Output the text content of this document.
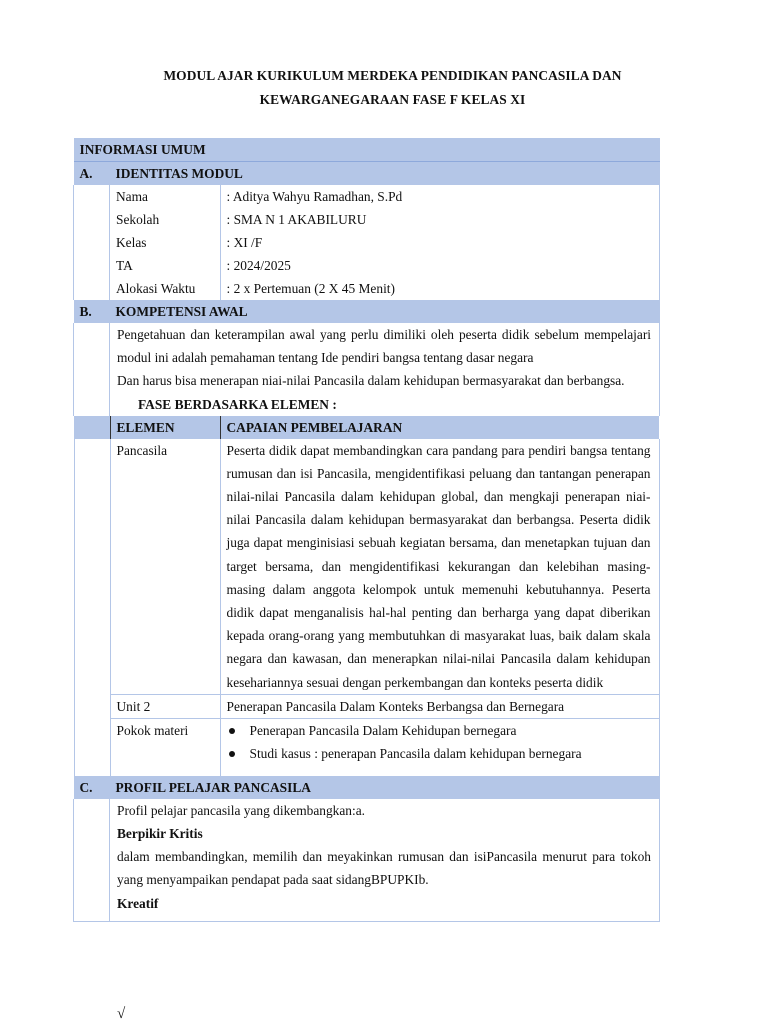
MODUL AJAR KURIKULUM MERDEKA PENDIDIKAN PANCASILA DAN
KEWARGANEGARAAN FASE F KELAS XI
INFORMASI UMUM
A.	IDENTITAS MODUL

Nama	: Aditya Wahyu Ramadhan, S.Pd
Sekolah	: SMA N 1 AKABILURU
Kelas	: XI /F
TA	: 2024/2025
Alokasi Waktu	: 2 x Pertemuan (2 X 45 Menit)

B.	KOMPETENSI AWAL

Pengetahuan dan keterampilan awal yang perlu dimiliki oleh peserta didik sebelum mempelajari modul ini adalah pemahaman tentang Ide pendiri bangsa tentang dasar negara
Dan harus bisa menerapan niai-nilai Pancasila dalam kehidupan bermasyarakat dan berbangsa.
FASE BERDASARKA ELEMEN :

	ELEMEN	CAPAIAN PEMBELAJARAN
	Pancasila	Peserta didik dapat membandingkan cara pandang para pendiri bangsa tentang rumusan dan isi Pancasila, mengidentifikasi peluang dan tantangan penerapan nilai-nilai Pancasila dalam kehidupan global, dan mengkaji penerapan niai-nilai Pancasila dalam kehidupan bermasyarakat dan berbangsa. Peserta didik juga dapat menginisiasi sebuah kegiatan bersama, dan menetapkan tujuan dan target bersama, dan mengidentifikasi kekurangan dan kelebihan masing-masing dalam anggota kelompok untuk memenuhi kebutuhannya. Peserta didik dapat menganalisis hal-hal penting dan berharga yang dapat diberikan kepada orang-orang yang membutuhkan di masyarakat luas, baik dalam skala negara dan kawasan, dan menerapkan nilai-nilai Pancasila dalam kehidupan kesehariannya sesuai dengan perkembangan dan konteks peserta didik
	Unit 2	Penerapan Pancasila Dalam Konteks Berbangsa dan Bernegara
	Pokok materi	Penerapan Pancasila Dalam Kehidupan bernegara
Studi kasus : penerapan Pancasila dalam kehidupan bernegara

C.	PROFIL PELAJAR PANCASILA

Profil pelajar pancasila yang dikembangkan:a.
Berpikir Kritis
dalam membandingkan, memilih dan meyakinkan rumusan dan isiPancasila menurut para tokoh yang menyampaikan pendapat pada saat sidangBPUPKIb.
Kreatif
√
